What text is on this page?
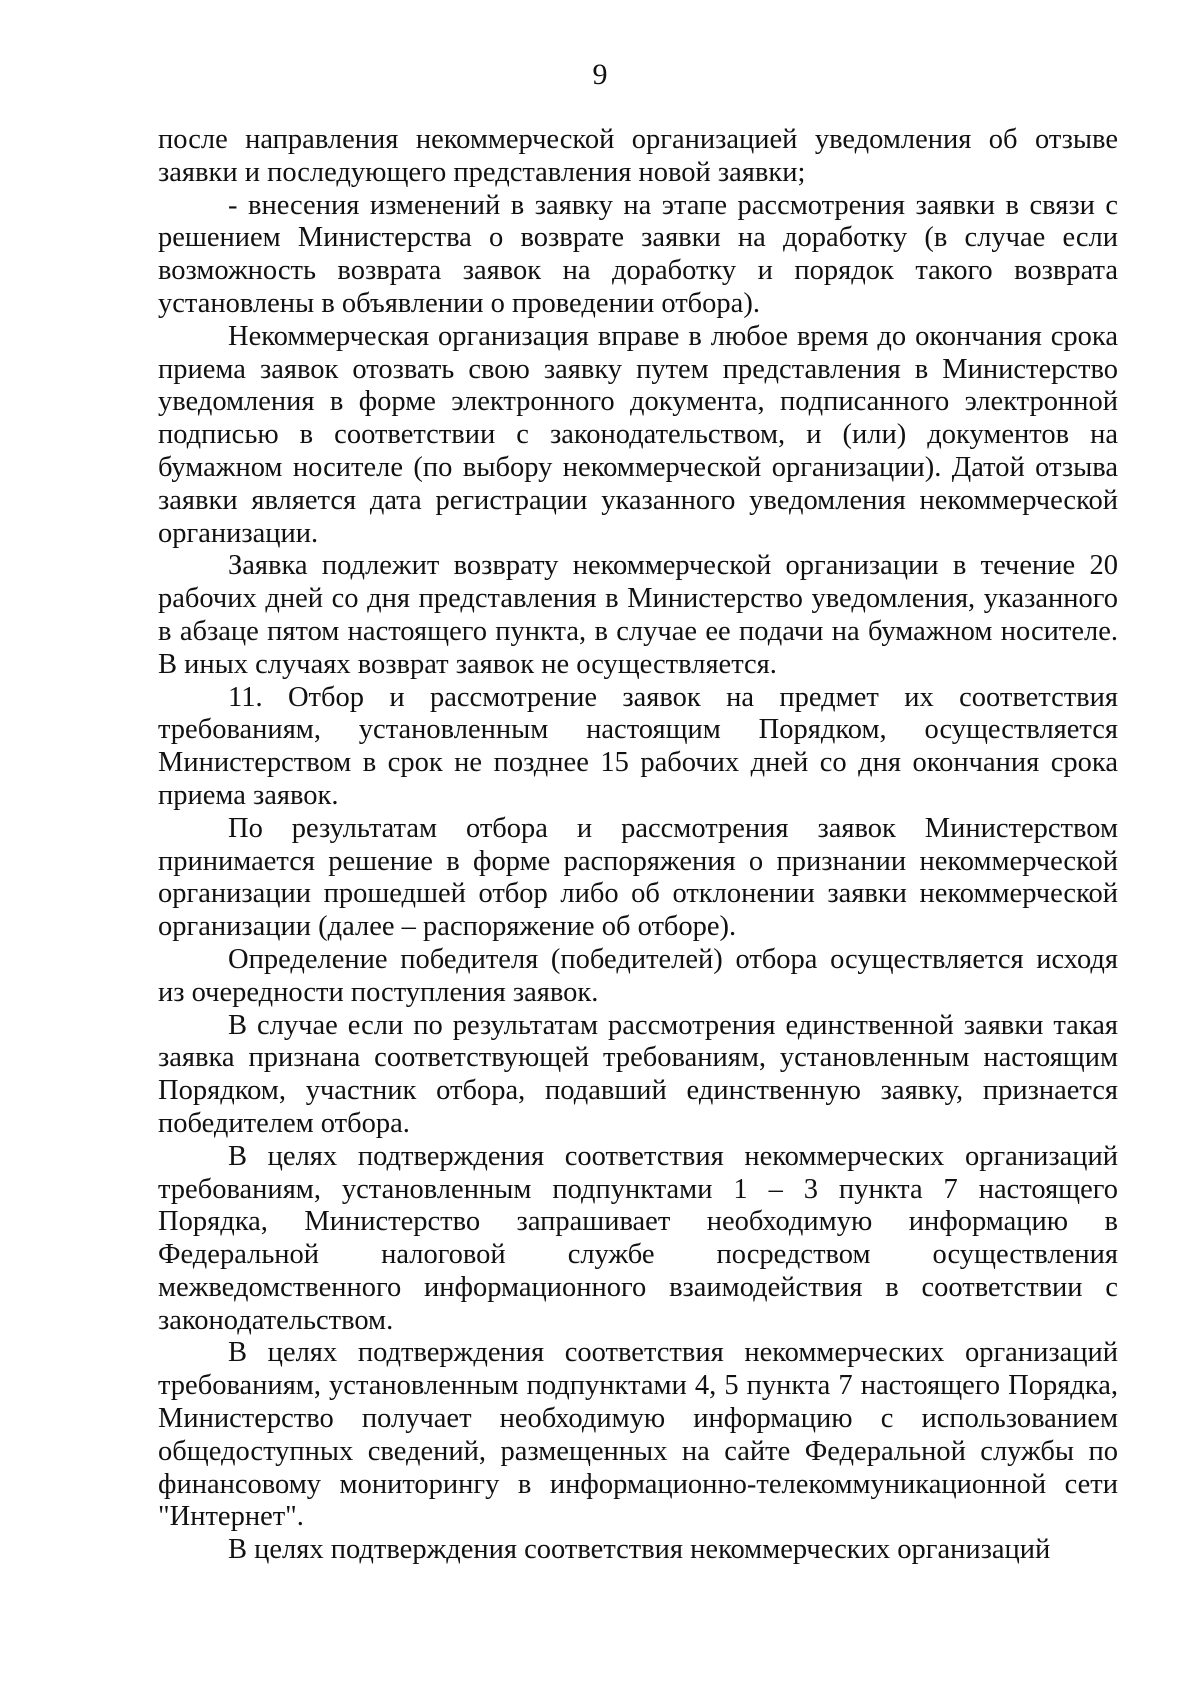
9

после направления некоммерческой организацией уведомления об отзыве заявки и последующего представления новой заявки;

- внесения изменений в заявку на этапе рассмотрения заявки в связи с решением Министерства о возврате заявки на доработку (в случае если возможность возврата заявок на доработку и порядок такого возврата установлены в объявлении о проведении отбора).

Некоммерческая организация вправе в любое время до окончания срока приема заявок отозвать свою заявку путем представления в Министерство уведомления в форме электронного документа, подписанного электронной подписью в соответствии с законодательством, и (или) документов на бумажном носителе (по выбору некоммерческой организации). Датой отзыва заявки является дата регистрации указанного уведомления некоммерческой организации.

Заявка подлежит возврату некоммерческой организации в течение 20 рабочих дней со дня представления в Министерство уведомления, указанного в абзаце пятом настоящего пункта, в случае ее подачи на бумажном носителе. В иных случаях возврат заявок не осуществляется.

11. Отбор и рассмотрение заявок на предмет их соответствия требованиям, установленным настоящим Порядком, осуществляется Министерством в срок не позднее 15 рабочих дней со дня окончания срока приема заявок.

По результатам отбора и рассмотрения заявок Министерством принимается решение в форме распоряжения о признании некоммерческой организации прошедшей отбор либо об отклонении заявки некоммерческой организации (далее – распоряжение об отборе).

Определение победителя (победителей) отбора осуществляется исходя из очередности поступления заявок.

В случае если по результатам рассмотрения единственной заявки такая заявка признана соответствующей требованиям, установленным настоящим Порядком, участник отбора, подавший единственную заявку, признается победителем отбора.

В целях подтверждения соответствия некоммерческих организаций требованиям, установленным подпунктами 1 – 3 пункта 7 настоящего Порядка, Министерство запрашивает необходимую информацию в Федеральной налоговой службе посредством осуществления межведомственного информационного взаимодействия в соответствии с законодательством.

В целях подтверждения соответствия некоммерческих организаций требованиям, установленным подпунктами 4, 5 пункта 7 настоящего Порядка, Министерство получает необходимую информацию с использованием общедоступных сведений, размещенных на сайте Федеральной службы по финансовому мониторингу в информационно-телекоммуникационной сети "Интернет".

В целях подтверждения соответствия некоммерческих организаций
